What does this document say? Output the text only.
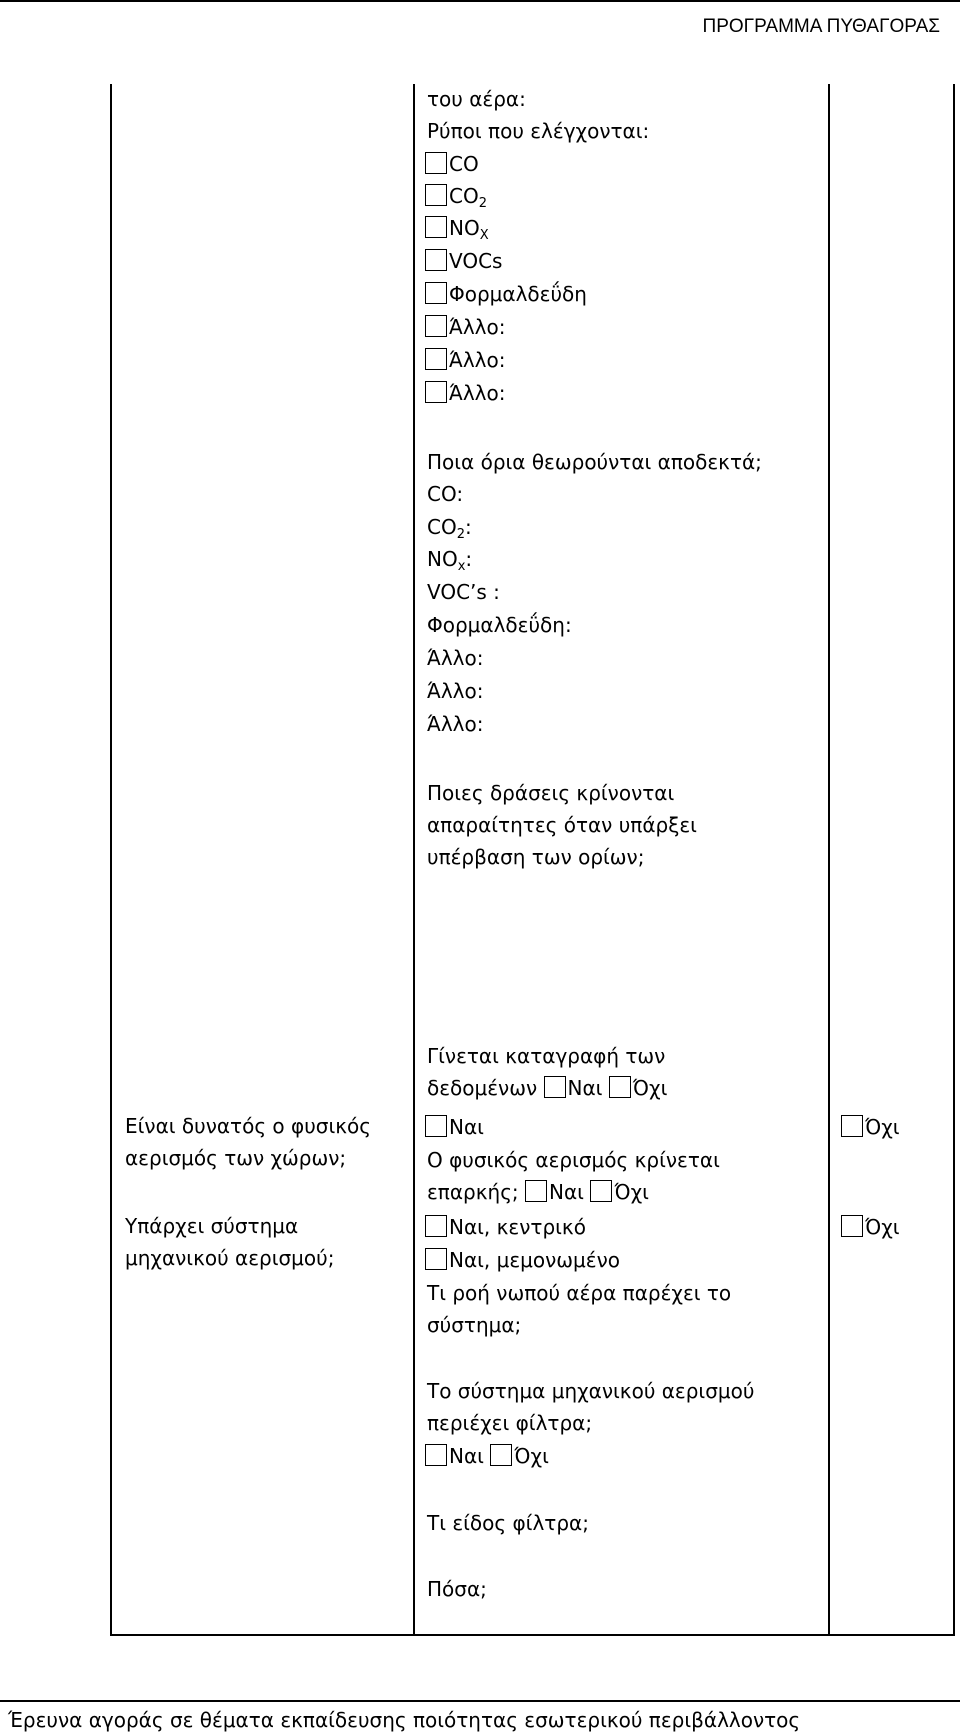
ΠΡΟΓΡΑΜΜΑ ΠΥΘΑΓΟΡΑΣ
του αέρα:
Ρύποι που ελέγχονται:
CO
$CO_2$
$NO_X$
VOCs
Φορμαλδεΰδη
Άλλο:
Άλλο:
Άλλο:
Ποια όρια θεωρούνται αποδεκτά;
CO:
$CO_2$:
$NO_x$:
VOC’s :
Φορμαλδεΰδη:
Άλλο:
Άλλο:
Άλλο:
Ποιες δράσεις κρίνονται
απαραίτητες όταν υπάρξει
υπέρβαση των ορίων;
Γίνεται καταγραφή των
δεδομένων Ναι Όχι
Είναι δυνατός ο φυσικός
αερισμός των χώρων;
Ναι
Ο φυσικός αερισμός κρίνεται
επαρκής; Ναι Όχι
Όχι
Υπάρχει σύστημα
μηχανικού αερισμού;
Ναι, κεντρικό
Ναι, μεμονωμένο
Τι ροή νωπού αέρα παρέχει το
σύστημα;
Όχι
Το σύστημα μηχανικού αερισμού
περιέχει φίλτρα;
Ναι Όχι
Τι είδος φίλτρα;
Πόσα;
Έρευνα αγοράς σε θέματα εκπαίδευσης ποιότητας εσωτερικού περιβάλλοντος
